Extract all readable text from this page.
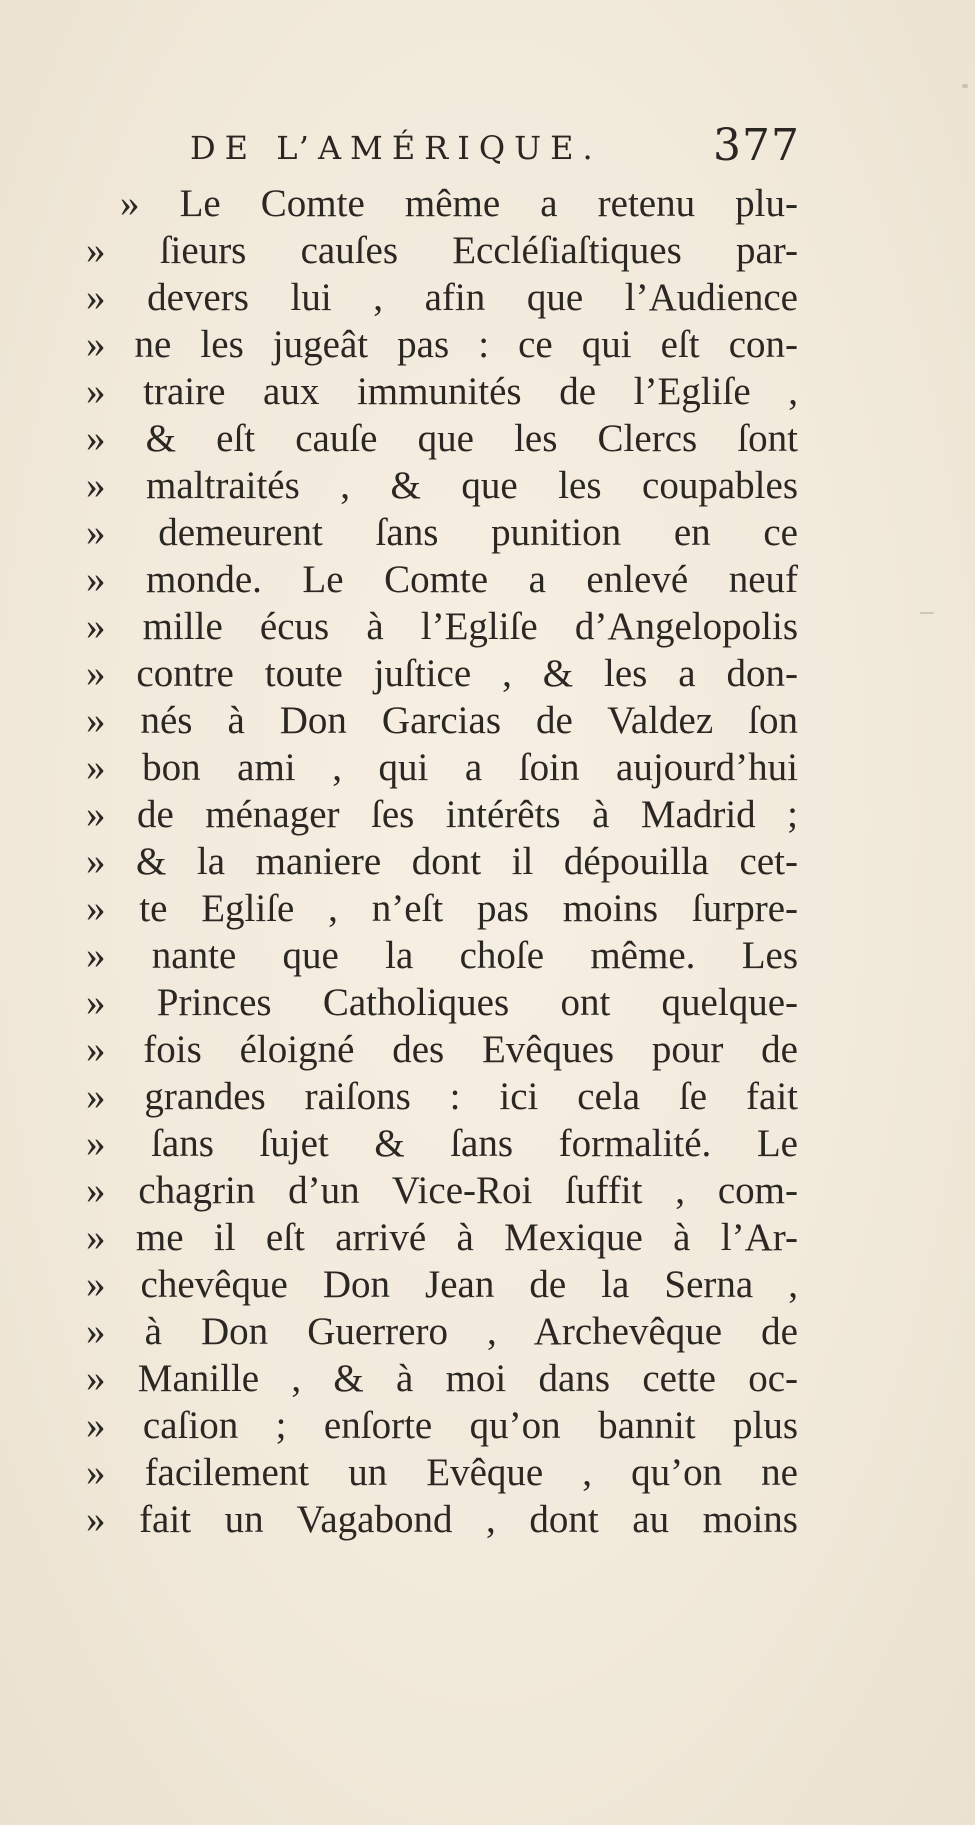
DE L’AMÉRIQUE.	377
» Le Comte même a retenu plu-
» ſieurs cauſes Eccléſiaſtiques par-
» devers lui , afin que l’Audience
» ne les jugeât pas : ce qui eſt con-
» traire aux immunités de l’Egliſe ,
» & eſt cauſe que les Clercs ſont
» maltraités , & que les coupables
» demeurent ſans punition en ce
» monde. Le Comte a enlevé neuf
» mille écus à l’Egliſe d’Angelopolis
» contre toute juſtice , & les a don-
» nés à Don Garcias de Valdez ſon
» bon ami , qui a ſoin aujourd’hui
» de ménager ſes intérêts à Madrid ;
» & la maniere dont il dépouilla cet-
» te Egliſe , n’eſt pas moins ſurpre-
» nante que la choſe même. Les
» Princes Catholiques ont quelque-
» fois éloigné des Evêques pour de
» grandes raiſons : ici cela ſe fait
» ſans ſujet & ſans formalité. Le
» chagrin d’un Vice-Roi ſuffit , com-
» me il eſt arrivé à Mexique à l’Ar-
» chevêque Don Jean de la Serna ,
» à Don Guerrero , Archevêque de
» Manille , & à moi dans cette oc-
» caſion ; enſorte qu’on bannit plus
» facilement un Evêque , qu’on ne
» fait un Vagabond , dont au moins
